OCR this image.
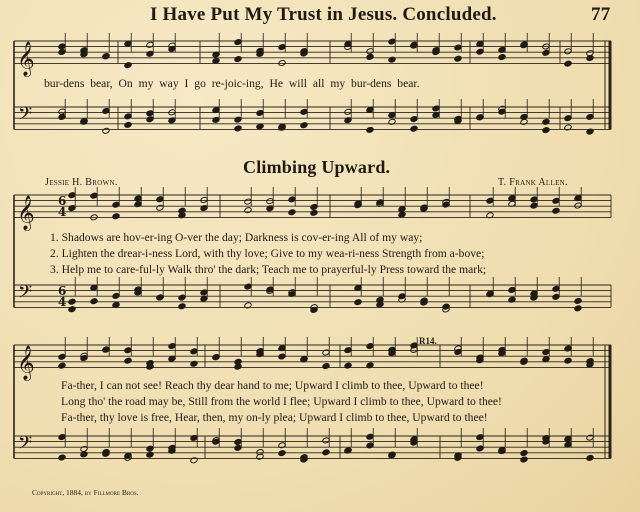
I Have Put My Trust in Jesus. Concluded.	77
Climbing Upward.
Jessie H. Brown.	T. Frank Allen.
R14.
bur-dens bear, On my way I go re-joic-ing, He will all my bur-dens bear.
1. Shadows are hov-er-ing O-ver the day; Darkness is cov-er-ing All of my way;
2. Lighten the drear-i-ness Lord, with thy love; Give to my wea-ri-ness Strength from a-bove;
3. Help me to care-ful-ly Walk thro' the dark; Teach me to prayerful-ly Press toward the mark;
Fa-ther, I can not see! Reach thy dear hand to me; Upward I climb to thee, Upward to thee!
Long tho' the road may be, Still from the world I flee; Upward I climb to thee, Upward to thee!
Fa-ther, thy love is free, Hear, then, my on-ly plea; Upward I climb to thee, Upward to thee!
Copyright, 1884, by Fillmore Bros.
𝄞
𝄢
𝄞
𝄢
6
4
6
4
𝄞
𝄢
